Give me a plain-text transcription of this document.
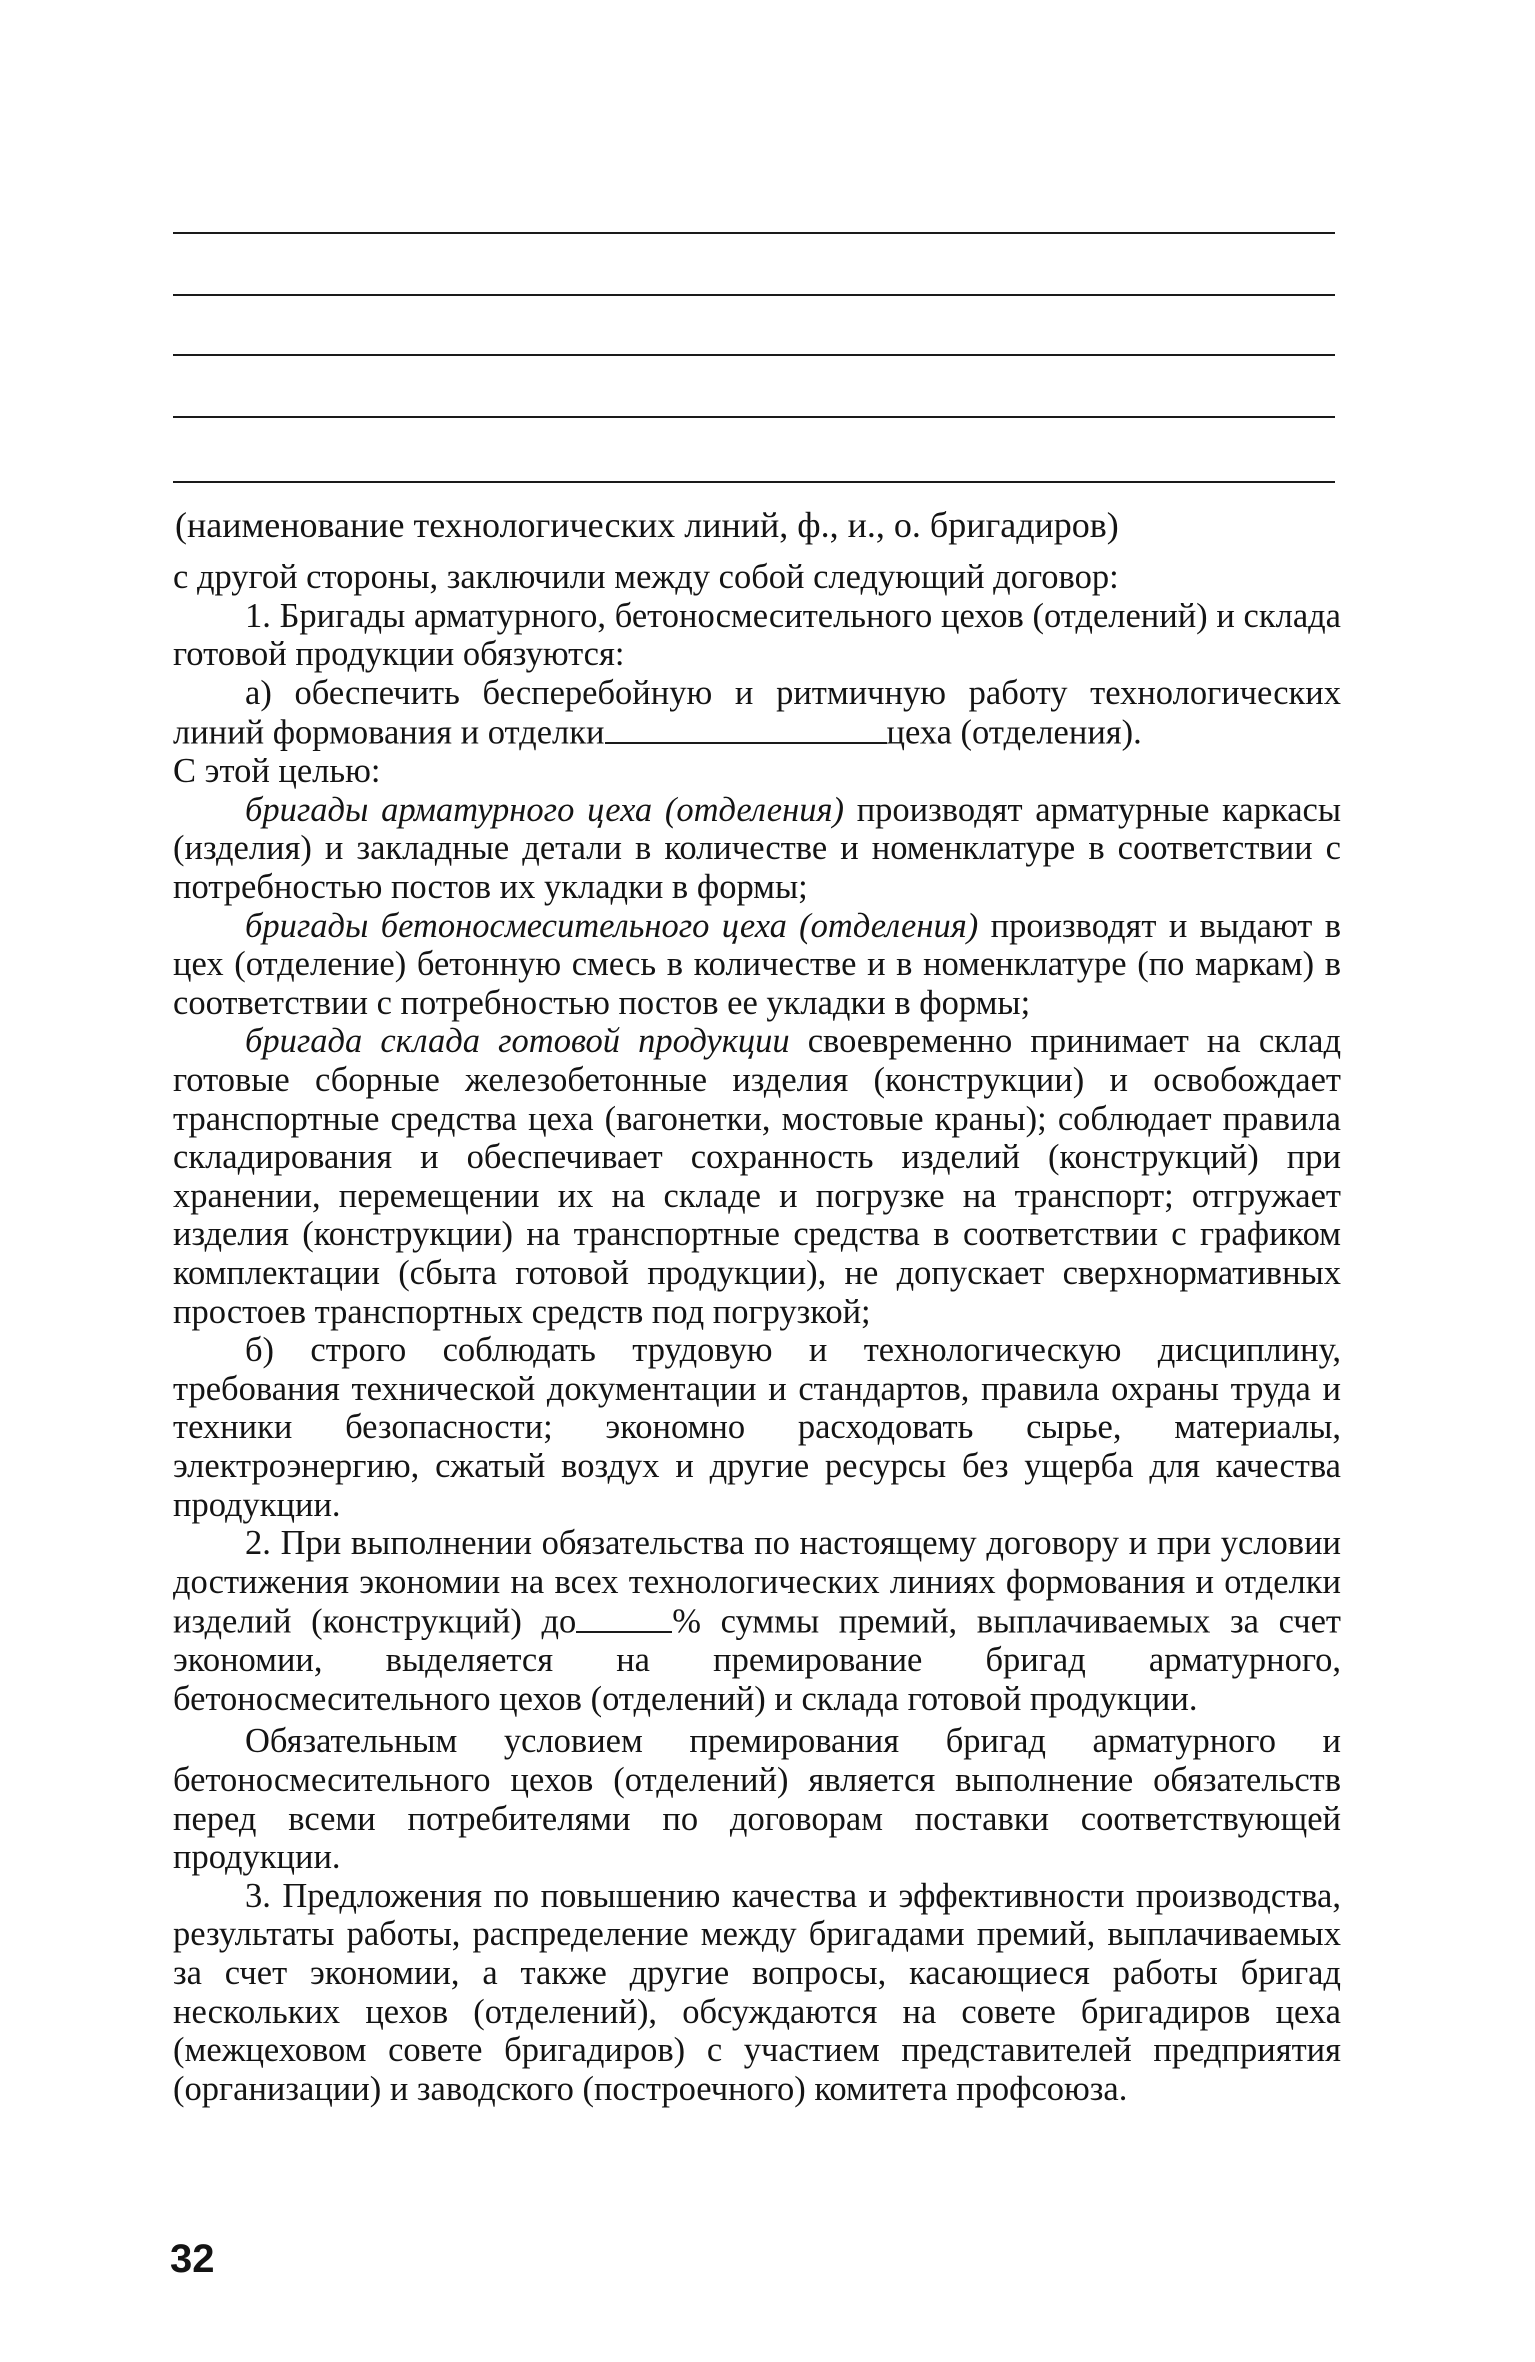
(наименование технологических линий, ф., и., о. бригадиров)

с другой стороны, заключили между собой следующий договор:

1. Бригады арматурного, бетоносмесительного цехов (отделений) и склада готовой продукции обязуются:

а) обеспечить бесперебойную и ритмичную работу технологических линий формования и отделки	цеха (отделения).

С этой целью:

бригады арматурного цеха (отделения) производят арматурные каркасы (изделия) и закладные детали в количестве и номенклатуре в соответствии с потребностью постов их укладки в формы;

бригады бетоносмесительного цеха (отделения) производят и выдают в цех (отделение) бетонную смесь в количестве и в номенклатуре (по маркам) в соответствии с потребностью постов ее укладки в формы;

бригада склада готовой продукции своевременно принимает на склад готовые сборные железобетонные изделия (конструкции) и освобождает транспортные средства цеха (вагонетки, мостовые краны); соблюдает правила складирования и обеспечивает сохранность изделий (конструкций) при хранении, перемещении их на складе и погрузке на транспорт; отгружает изделия (конструкции) на транспортные средства в соответствии с графиком комплектации (сбыта готовой продукции), не допускает сверхнормативных простоев транспортных средств под погрузкой;

б) строго соблюдать трудовую и технологическую дисциплину, требования технической документации и стандартов, правила охраны труда и техники безопасности; экономно расходовать сырье, материалы, электроэнергию, сжатый воздух и другие ресурсы без ущерба для качества продукции.

2. При выполнении обязательства по настоящему договору и при условии достижения экономии на всех технологических линиях формования и отделки изделий (конструкций) до	% суммы премий, выплачиваемых за счет экономии, выделяется на премирование бригад арматурного, бетоносмесительного цехов (отделений) и склада готовой продукции.

Обязательным условием премирования бригад арматурного и бетоносмесительного цехов (отделений) является выполнение обязательств перед всеми потребителями по договорам поставки соответствующей продукции.

3. Предложения по повышению качества и эффективности производства, результаты работы, распределение между бригадами премий, выплачиваемых за счет экономии, а также другие вопросы, касающиеся работы бригад нескольких цехов (отделений), обсуждаются на совете бригадиров цеха (межцеховом совете бригадиров) с участием представителей предприятия (организации) и заводского (построечного) комитета профсоюза.

32
